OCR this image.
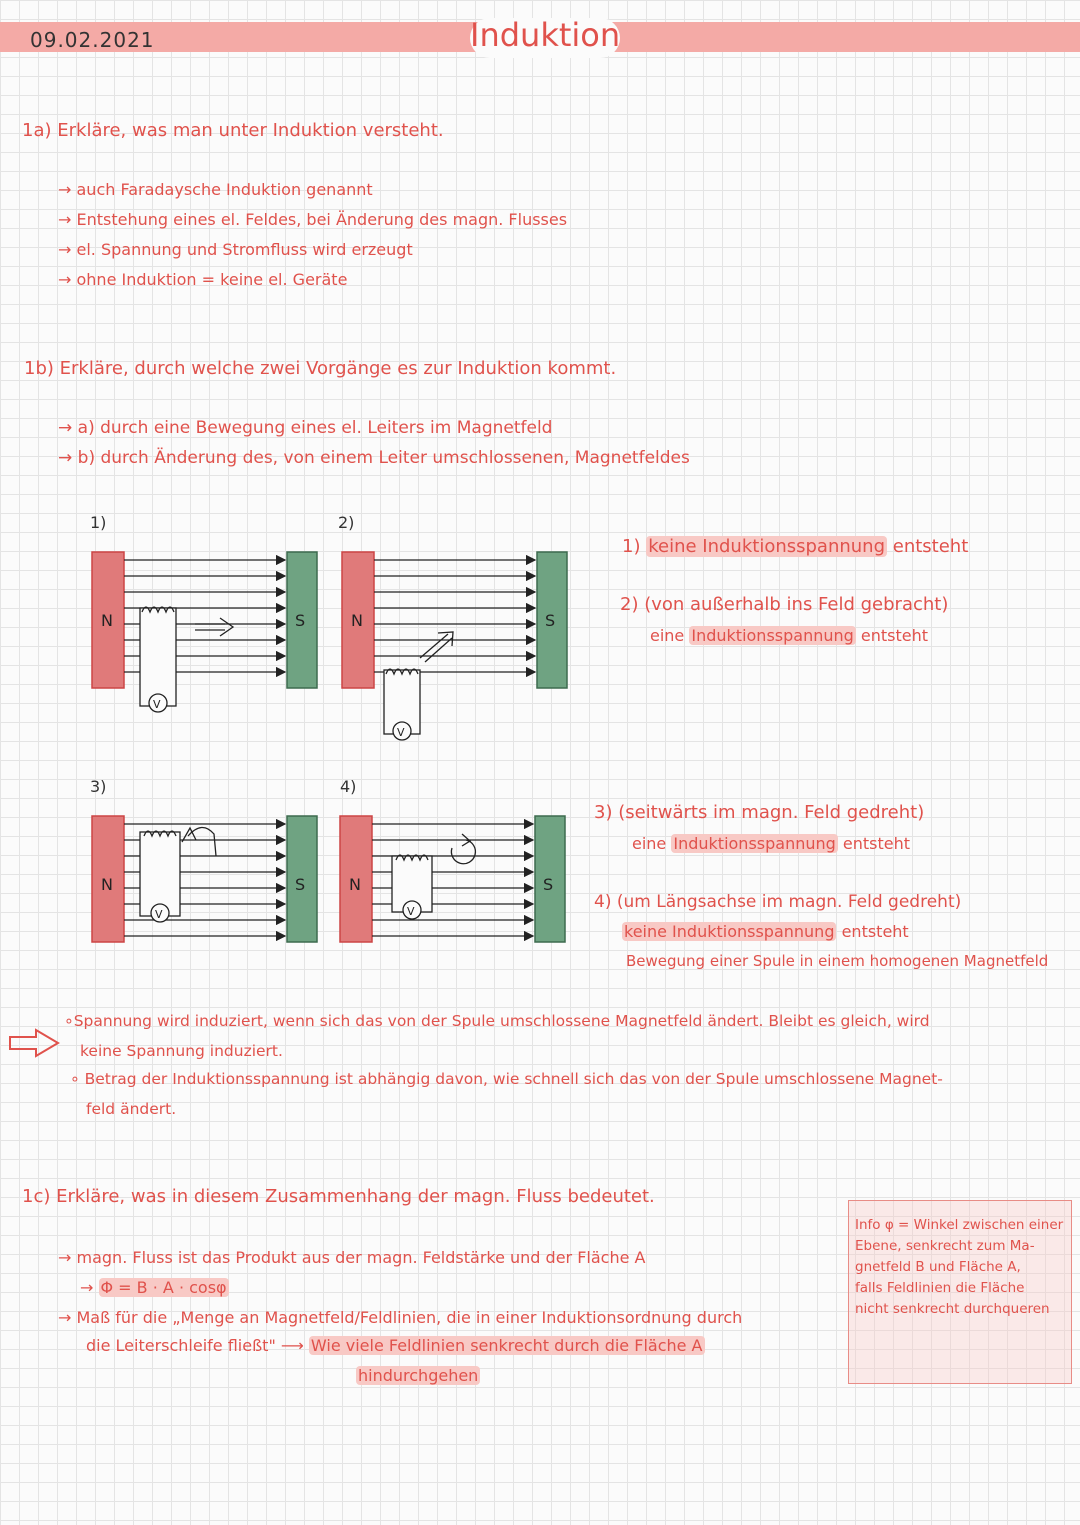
09.02.2021	Induktion
1a) Erkläre, was man unter Induktion versteht.
→ auch Faradaysche Induktion genannt
→ Entstehung eines el. Feldes, bei Änderung des magn. Flusses
→ el. Spannung und Stromfluss wird erzeugt
→ ohne Induktion = keine el. Geräte
1b) Erkläre, durch welche zwei Vorgänge es zur Induktion kommt.
→ a) durch eine Bewegung eines el. Leiters im Magnetfeld
→ b) durch Änderung des, von einem Leiter umschlossenen, Magnetfeldes
1)
N	S
V
2)
N	S
V
3)
N	S
V
4)
N	S
V
1) keine Induktionsspannung entsteht
2) (von außerhalb ins Feld gebracht)
eine Induktionsspannung entsteht
3) (seitwärts im magn. Feld gedreht)
eine Induktionsspannung entsteht
4) (um Längsachse im magn. Feld gedreht)
keine Induktionsspannung entsteht
Bewegung einer Spule in einem homogenen Magnetfeld
∘Spannung wird induziert, wenn sich das von der Spule umschlossene Magnetfeld ändert. Bleibt es gleich, wird
keine Spannung induziert.
∘ Betrag der Induktionsspannung ist abhängig davon, wie schnell sich das von der Spule umschlossene Magnet-
feld ändert.
1c) Erkläre, was in diesem Zusammenhang der magn. Fluss bedeutet.
→ magn. Fluss ist das Produkt aus der magn. Feldstärke und der Fläche A
→ Φ = B · A · cosφ
→ Maß für die „Menge an Magnetfeld/Feldlinien, die in einer Induktionsordnung durch
die Leiterschleife fließt" ⟶ Wie viele Feldlinien senkrecht durch die Fläche A
hindurchgehen
Info φ = Winkel zwischen einer
Ebene, senkrecht zum Ma-
gnetfeld B und Fläche A,
falls Feldlinien die Fläche
nicht senkrecht durchqueren
